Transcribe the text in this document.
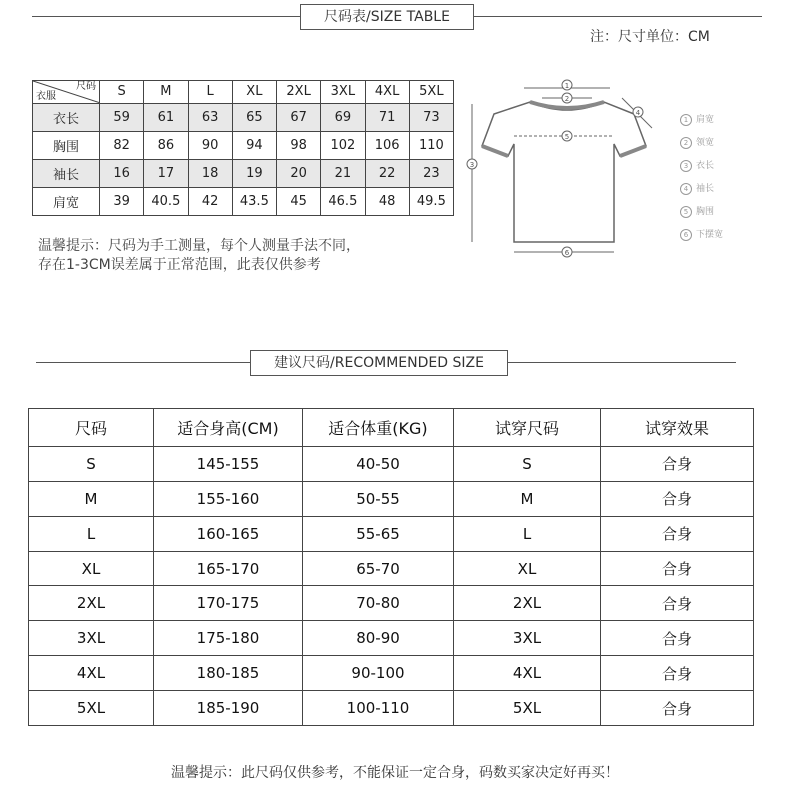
尺码表/SIZE TABLE
注：尺寸单位：CM
尺码
衣服	S	M	L	XL	2XL	3XL	4XL	5XL
衣长	59	61	63	65	67	69	71	73
胸围	82	86	90	94	98	102	106	110
袖长	16	17	18	19	20	21	22	23
肩宽	39	40.5	42	43.5	45	46.5	48	49.5
温馨提示：尺码为手工测量，每个人测量手法不同，
存在1-3CM误差属于正常范围，此表仅供参考
1
2
3
4
5
6
1 肩宽
2 领宽
3 衣长
4 袖长
5 胸围
6 下摆宽
建议尺码/RECOMMENDED SIZE
尺码	适合身高(CM)	适合体重(KG)	试穿尺码	试穿效果
S	145-155	40-50	S	合身
M	155-160	50-55	M	合身
L	160-165	55-65	L	合身
XL	165-170	65-70	XL	合身
2XL	170-175	70-80	2XL	合身
3XL	175-180	80-90	3XL	合身
4XL	180-185	90-100	4XL	合身
5XL	185-190	100-110	5XL	合身
温馨提示：此尺码仅供参考，不能保证一定合身，码数买家决定好再买！
